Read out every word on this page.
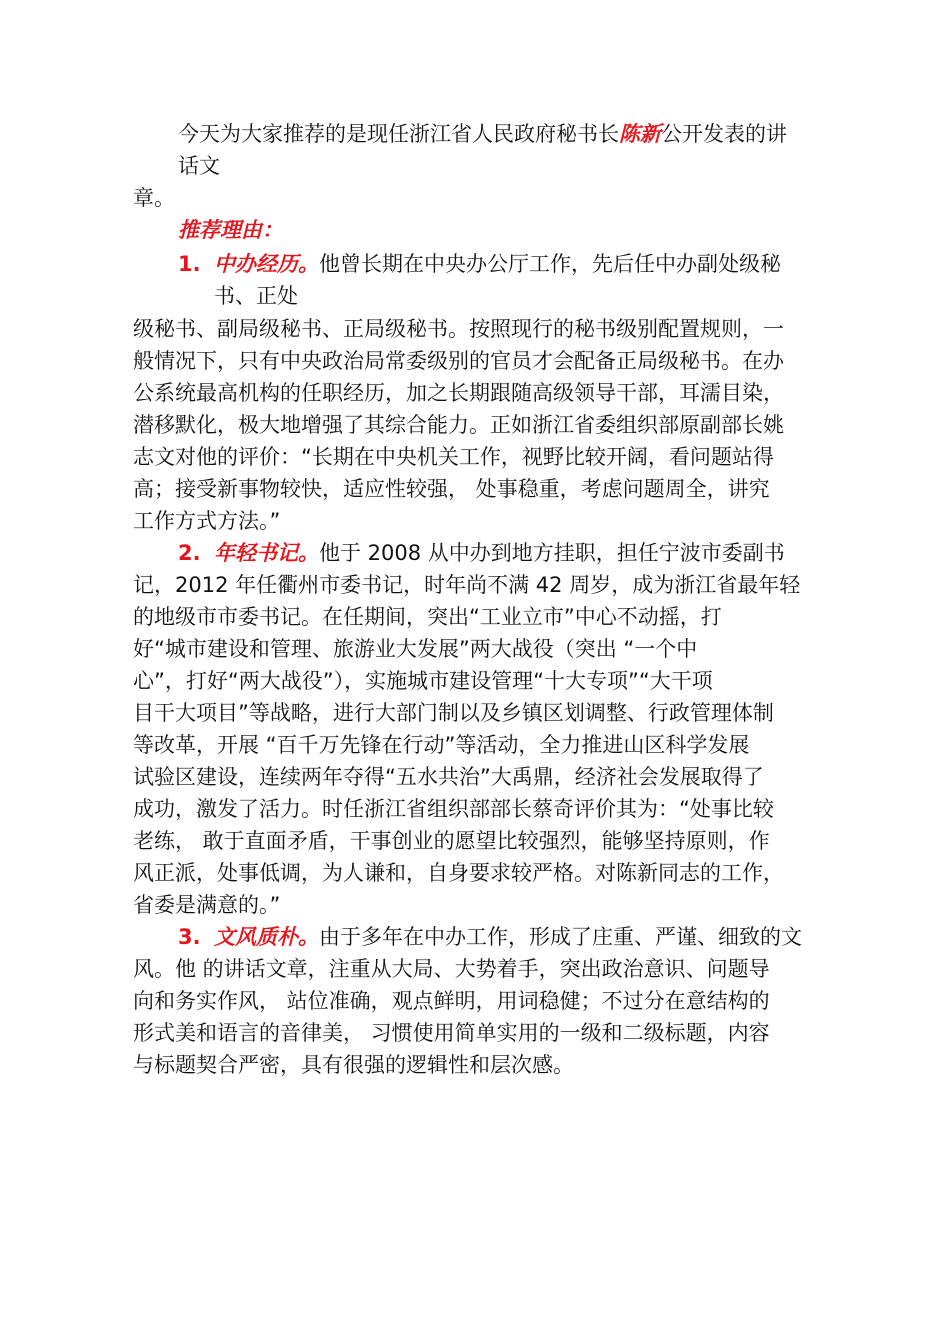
今天为大家推荐的是现任浙江省人民政府秘书长陈新公开发表的讲
话文
章。
推荐理由：
1. 中办经历。他曾长期在中央办公厅工作，先后任中办副处级秘
书、正处
级秘书、副局级秘书、正局级秘书。按照现行的秘书级别配置规则，一
般情况下，只有中央政治局常委级别的官员才会配备正局级秘书。在办
公系统最高机构的任职经历，加之长期跟随高级领导干部，耳濡目染，
潜移默化，极大地增强了其综合能力。正如浙江省委组织部原副部长姚
志文对他的评价：“长期在中央机关工作，视野比较开阔，看问题站得
高；接受新事物较快，适应性较强， 处事稳重，考虑问题周全，讲究
工作方式方法。”
2. 年轻书记。他于 2008 从中办到地方挂职，担任宁波市委副书
记，2012 年任衢州市委书记，时年尚不满 42 周岁，成为浙江省最年轻
的地级市市委书记。在任期间，突出“工业立市”中心不动摇，打
好“城市建设和管理、旅游业大发展”两大战役（突出 “一个中
心”，打好“两大战役”），实施城市建设管理“十大专项”“大干项
目干大项目”等战略，进行大部门制以及乡镇区划调整、行政管理体制
等改革，开展 “百千万先锋在行动”等活动，全力推进山区科学发展
试验区建设，连续两年夺得“五水共治”大禹鼎，经济社会发展取得了
成功，激发了活力。时任浙江省组织部部长蔡奇评价其为：“处事比较
老练， 敢于直面矛盾，干事创业的愿望比较强烈，能够坚持原则，作
风正派，处事低调，为人谦和，自身要求较严格。对陈新同志的工作，
省委是满意的。”
3. 文风质朴。由于多年在中办工作，形成了庄重、严谨、细致的文
风。他 的讲话文章，注重从大局、大势着手，突出政治意识、问题导
向和务实作风， 站位准确，观点鲜明，用词稳健；不过分在意结构的
形式美和语言的音律美， 习惯使用简单实用的一级和二级标题，内容
与标题契合严密，具有很强的逻辑性和层次感。
